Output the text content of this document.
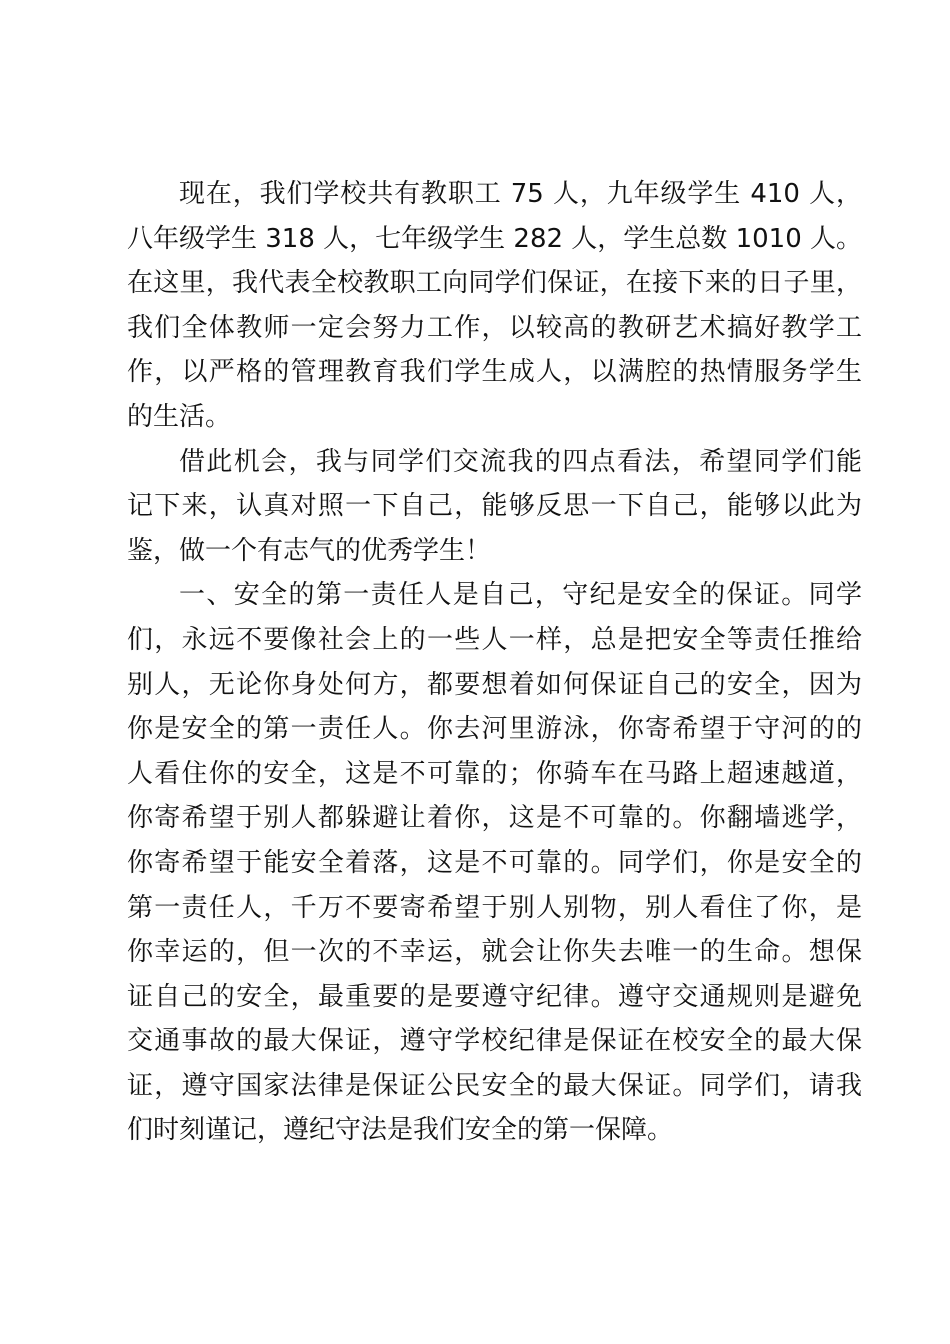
现在，我们学校共有教职工 75 人，九年级学生 410 人，
八年级学生 318 人，七年级学生 282 人，学生总数 1010 人。
在这里，我代表全校教职工向同学们保证，在接下来的日子里，
我们全体教师一定会努力工作，以较高的教研艺术搞好教学工
作，以严格的管理教育我们学生成人，以满腔的热情服务学生
的生活。
借此机会，我与同学们交流我的四点看法，希望同学们能
记下来，认真对照一下自己，能够反思一下自己，能够以此为
鉴，做一个有志气的优秀学生！
一、安全的第一责任人是自己，守纪是安全的保证。同学
们，永远不要像社会上的一些人一样，总是把安全等责任推给
别人，无论你身处何方，都要想着如何保证自己的安全，因为
你是安全的第一责任人。你去河里游泳，你寄希望于守河的的
人看住你的安全，这是不可靠的；你骑车在马路上超速越道，
你寄希望于别人都躲避让着你，这是不可靠的。你翻墙逃学，
你寄希望于能安全着落，这是不可靠的。同学们，你是安全的
第一责任人，千万不要寄希望于别人别物，别人看住了你，是
你幸运的，但一次的不幸运，就会让你失去唯一的生命。想保
证自己的安全，最重要的是要遵守纪律。遵守交通规则是避免
交通事故的最大保证，遵守学校纪律是保证在校安全的最大保
证，遵守国家法律是保证公民安全的最大保证。同学们，请我
们时刻谨记，遵纪守法是我们安全的第一保障。
